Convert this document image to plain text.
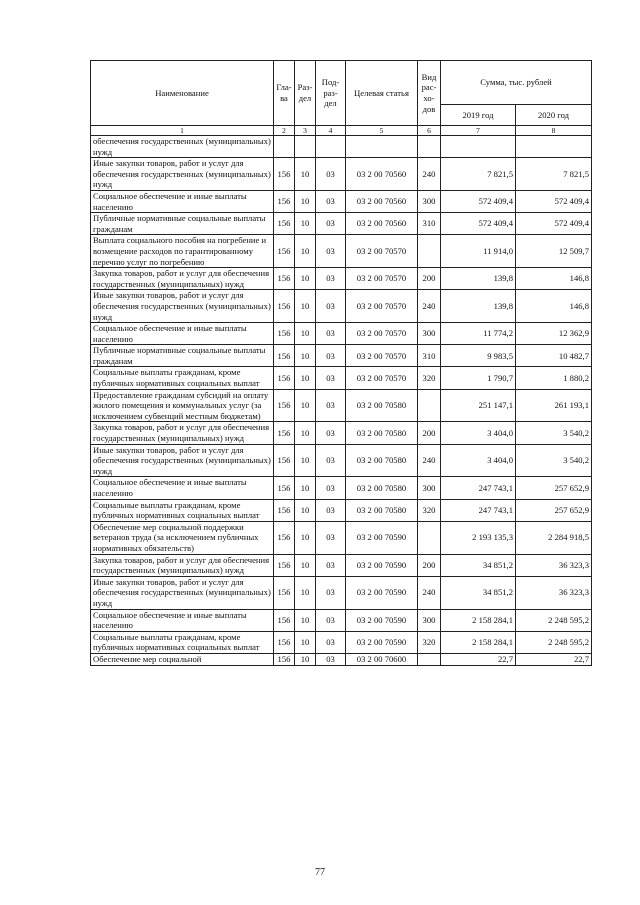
Наименование	Гла-ва	Раз-дел	Под-раз-дел	Целевая статья	Вид рас-хо-дов	Сумма, тыс. рублей	
						2019 год	2020 год
1	2	3	4	5	6	7	8
обеспечения государственных (муниципальных) нужд							
Иные закупки товаров, работ и услуг для обеспечения государственных (муниципальных) нужд	156	10	03	03 2 00 70560	240	7 821,5	7 821,5
Социальное обеспечение и иные выплаты населению	156	10	03	03 2 00 70560	300	572 409,4	572 409,4
Публичные нормативные социальные выплаты гражданам	156	10	03	03 2 00 70560	310	572 409,4	572 409,4
Выплата социального пособия на погребение и возмещение расходов по гарантированному перечню услуг по погребению	156	10	03	03 2 00 70570		11 914,0	12 509,7
Закупка товаров, работ и услуг для обеспечения государственных (муниципальных) нужд	156	10	03	03 2 00 70570	200	139,8	146,8
Иные закупки товаров, работ и услуг для обеспечения государственных (муниципальных) нужд	156	10	03	03 2 00 70570	240	139,8	146,8
Социальное обеспечение и иные выплаты населению	156	10	03	03 2 00 70570	300	11 774,2	12 362,9
Публичные нормативные социальные выплаты гражданам	156	10	03	03 2 00 70570	310	9 983,5	10 482,7
Социальные выплаты гражданам, кроме публичных нормативных социальных выплат	156	10	03	03 2 00 70570	320	1 790,7	1 880,2
Предоставление гражданам субсидий на оплату жилого помещения и коммунальных услуг (за исключением субвенций местным бюджетам)	156	10	03	03 2 00 70580		251 147,1	261 193,1
Закупка товаров, работ и услуг для обеспечения государственных (муниципальных) нужд	156	10	03	03 2 00 70580	200	3 404,0	3 540,2
Иные закупки товаров, работ и услуг для обеспечения государственных (муниципальных) нужд	156	10	03	03 2 00 70580	240	3 404,0	3 540,2
Социальное обеспечение и иные выплаты населению	156	10	03	03 2 00 70580	300	247 743,1	257 652,9
Социальные выплаты гражданам, кроме публичных нормативных социальных выплат	156	10	03	03 2 00 70580	320	247 743,1	257 652,9
Обеспечение мер социальной поддержки ветеранов труда (за исключением публичных нормативных обязательств)	156	10	03	03 2 00 70590		2 193 135,3	2 284 918,5
Закупка товаров, работ и услуг для обеспечения государственных (муниципальных) нужд	156	10	03	03 2 00 70590	200	34 851,2	36 323,3
Иные закупки товаров, работ и услуг для обеспечения государственных (муниципальных) нужд	156	10	03	03 2 00 70590	240	34 851,2	36 323,3
Социальное обеспечение и иные выплаты населению	156	10	03	03 2 00 70590	300	2 158 284,1	2 248 595,2
Социальные выплаты гражданам, кроме публичных нормативных социальных выплат	156	10	03	03 2 00 70590	320	2 158 284,1	2 248 595,2
Обеспечение мер социальной	156	10	03	03 2 00 70600		22,7	22,7
77
